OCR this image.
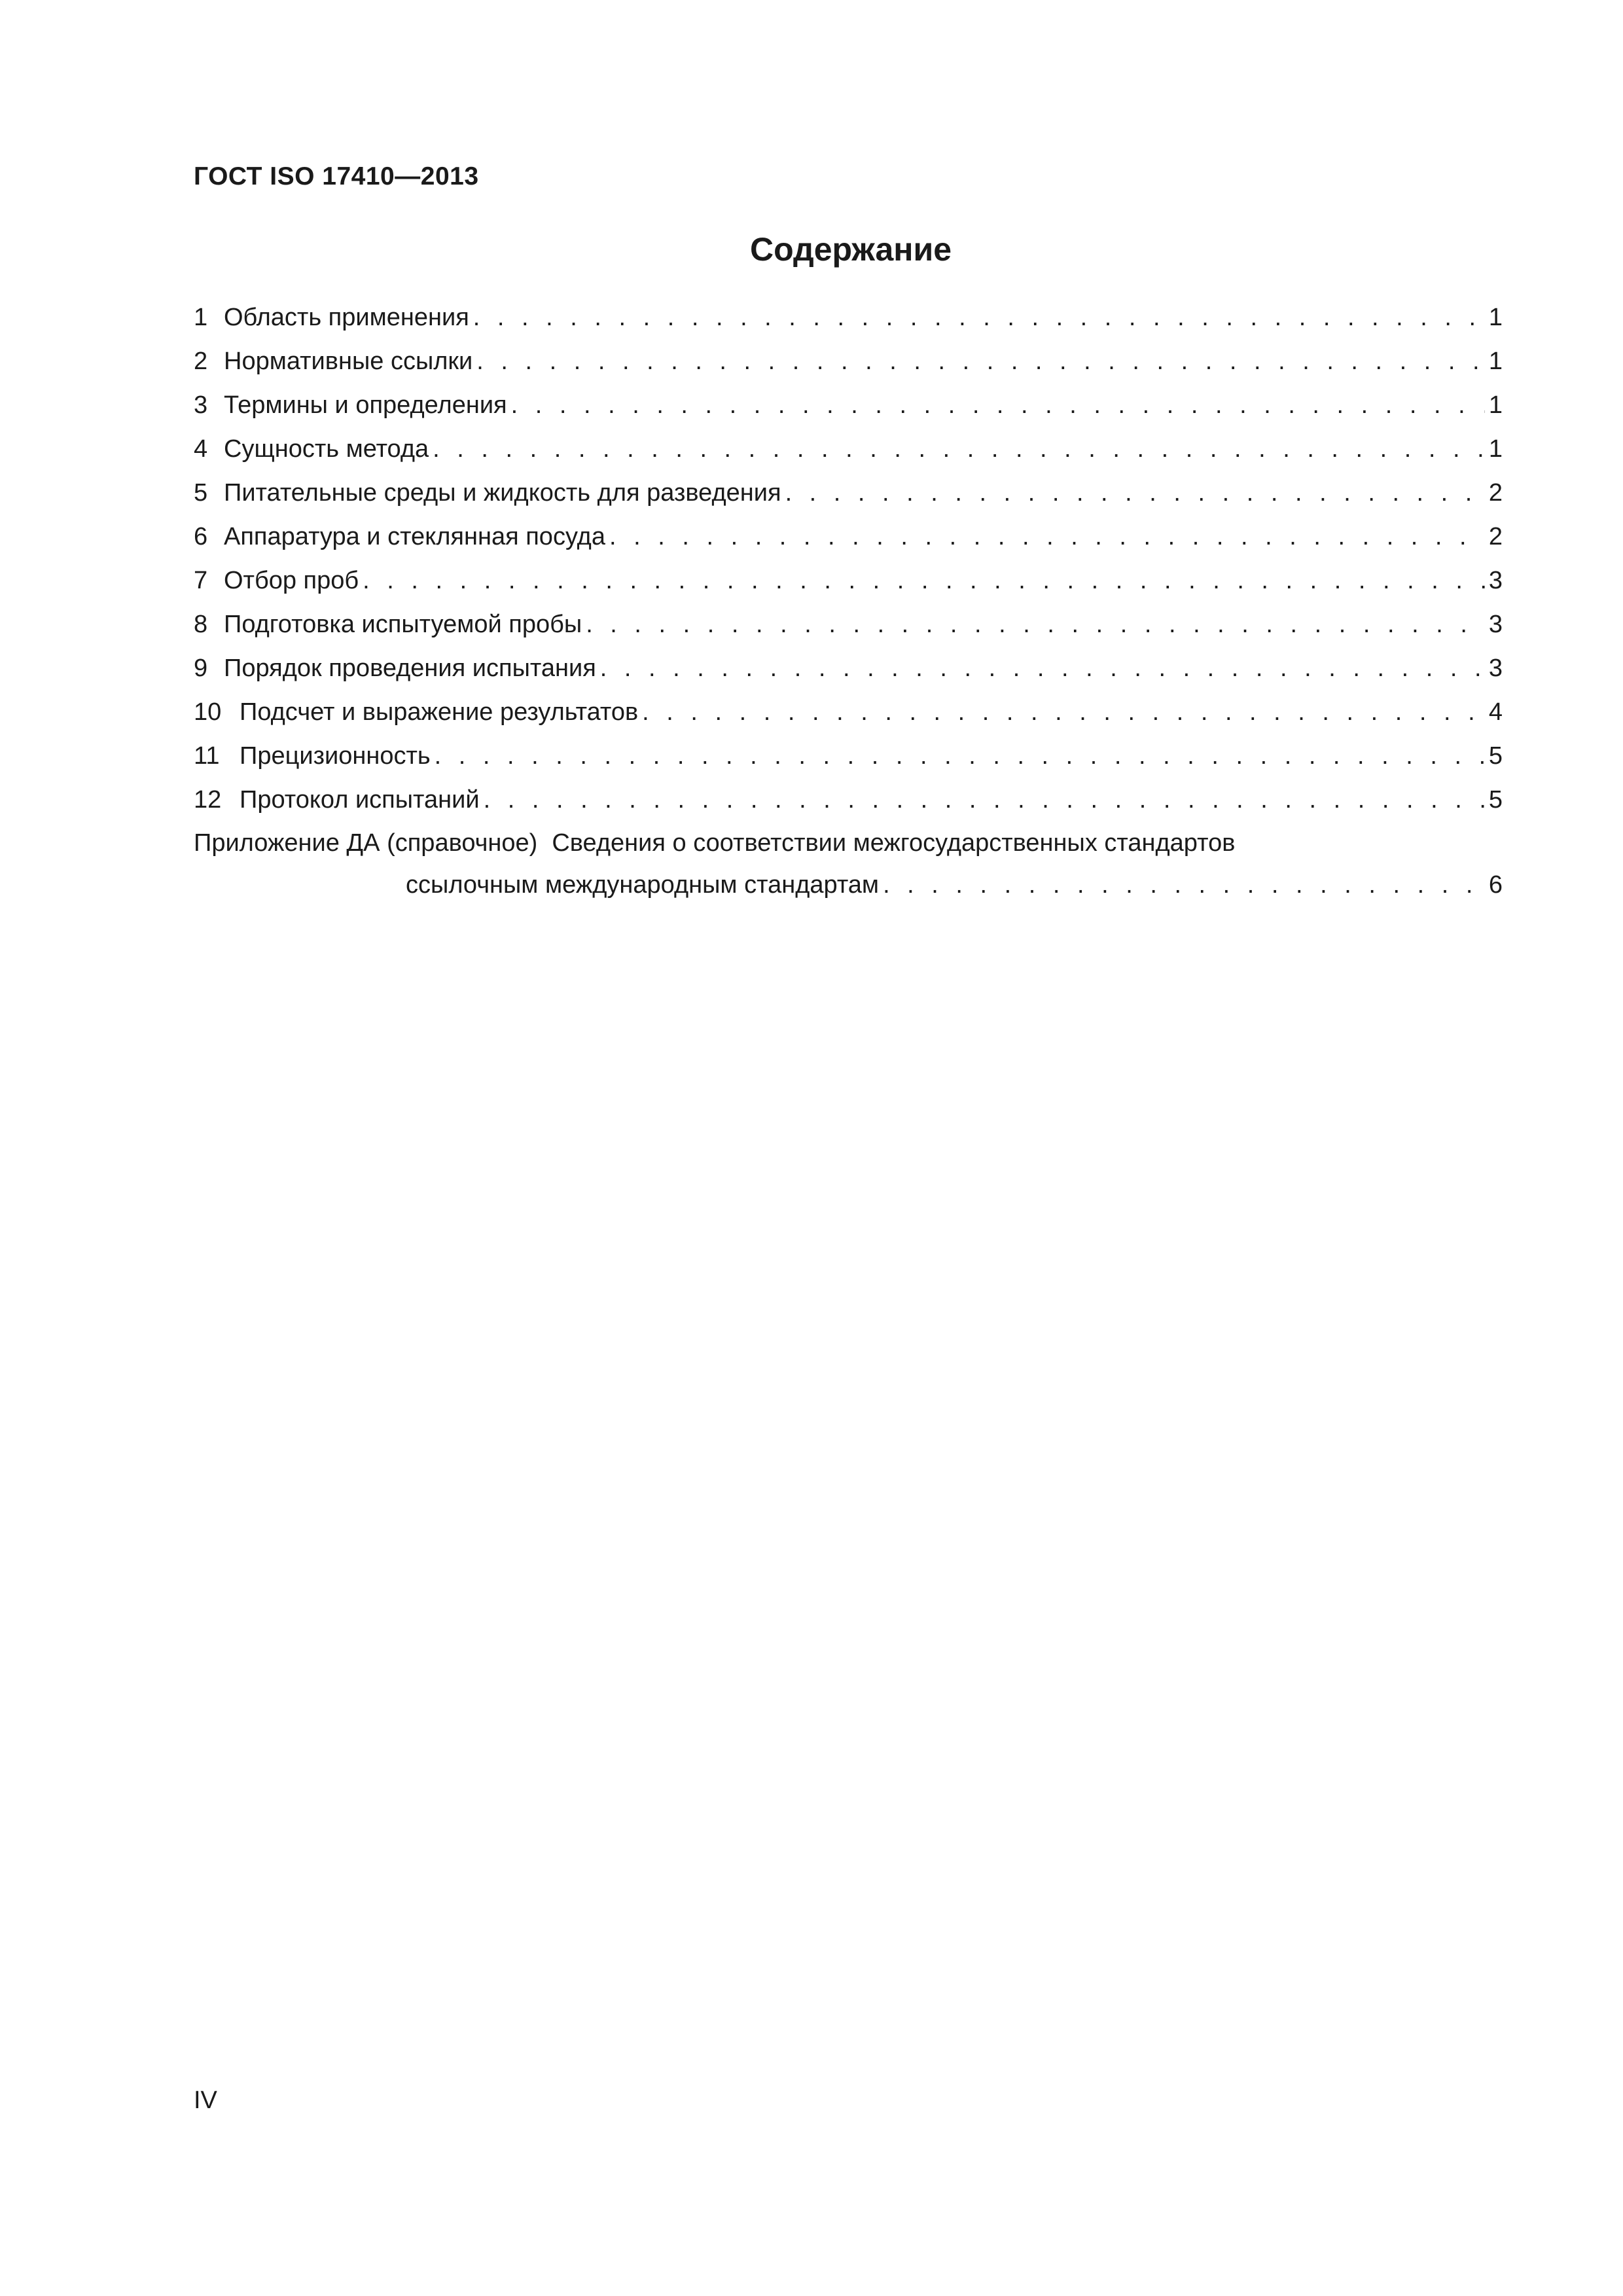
ГОСТ ISO 17410—2013
Содержание
1 Область применения . . .	1
2 Нормативные ссылки . . .	1
3 Термины и определения . . .	1
4 Сущность метода . . .	1
5 Питательные среды и жидкость для разведения . . .	2
6 Аппаратура и стеклянная посуда . . .	2
7 Отбор проб . . .	3
8 Подготовка испытуемой пробы . . .	3
9 Порядок проведения испытания . . .	3
10 Подсчет и выражение результатов . . .	4
11 Прецизионность . . .	5
12 Протокол испытаний . . .	5
Приложение ДА (справочное) Сведения о соответствии межгосударственных стандартов
ссылочным международным стандартам . . .	6
IV
